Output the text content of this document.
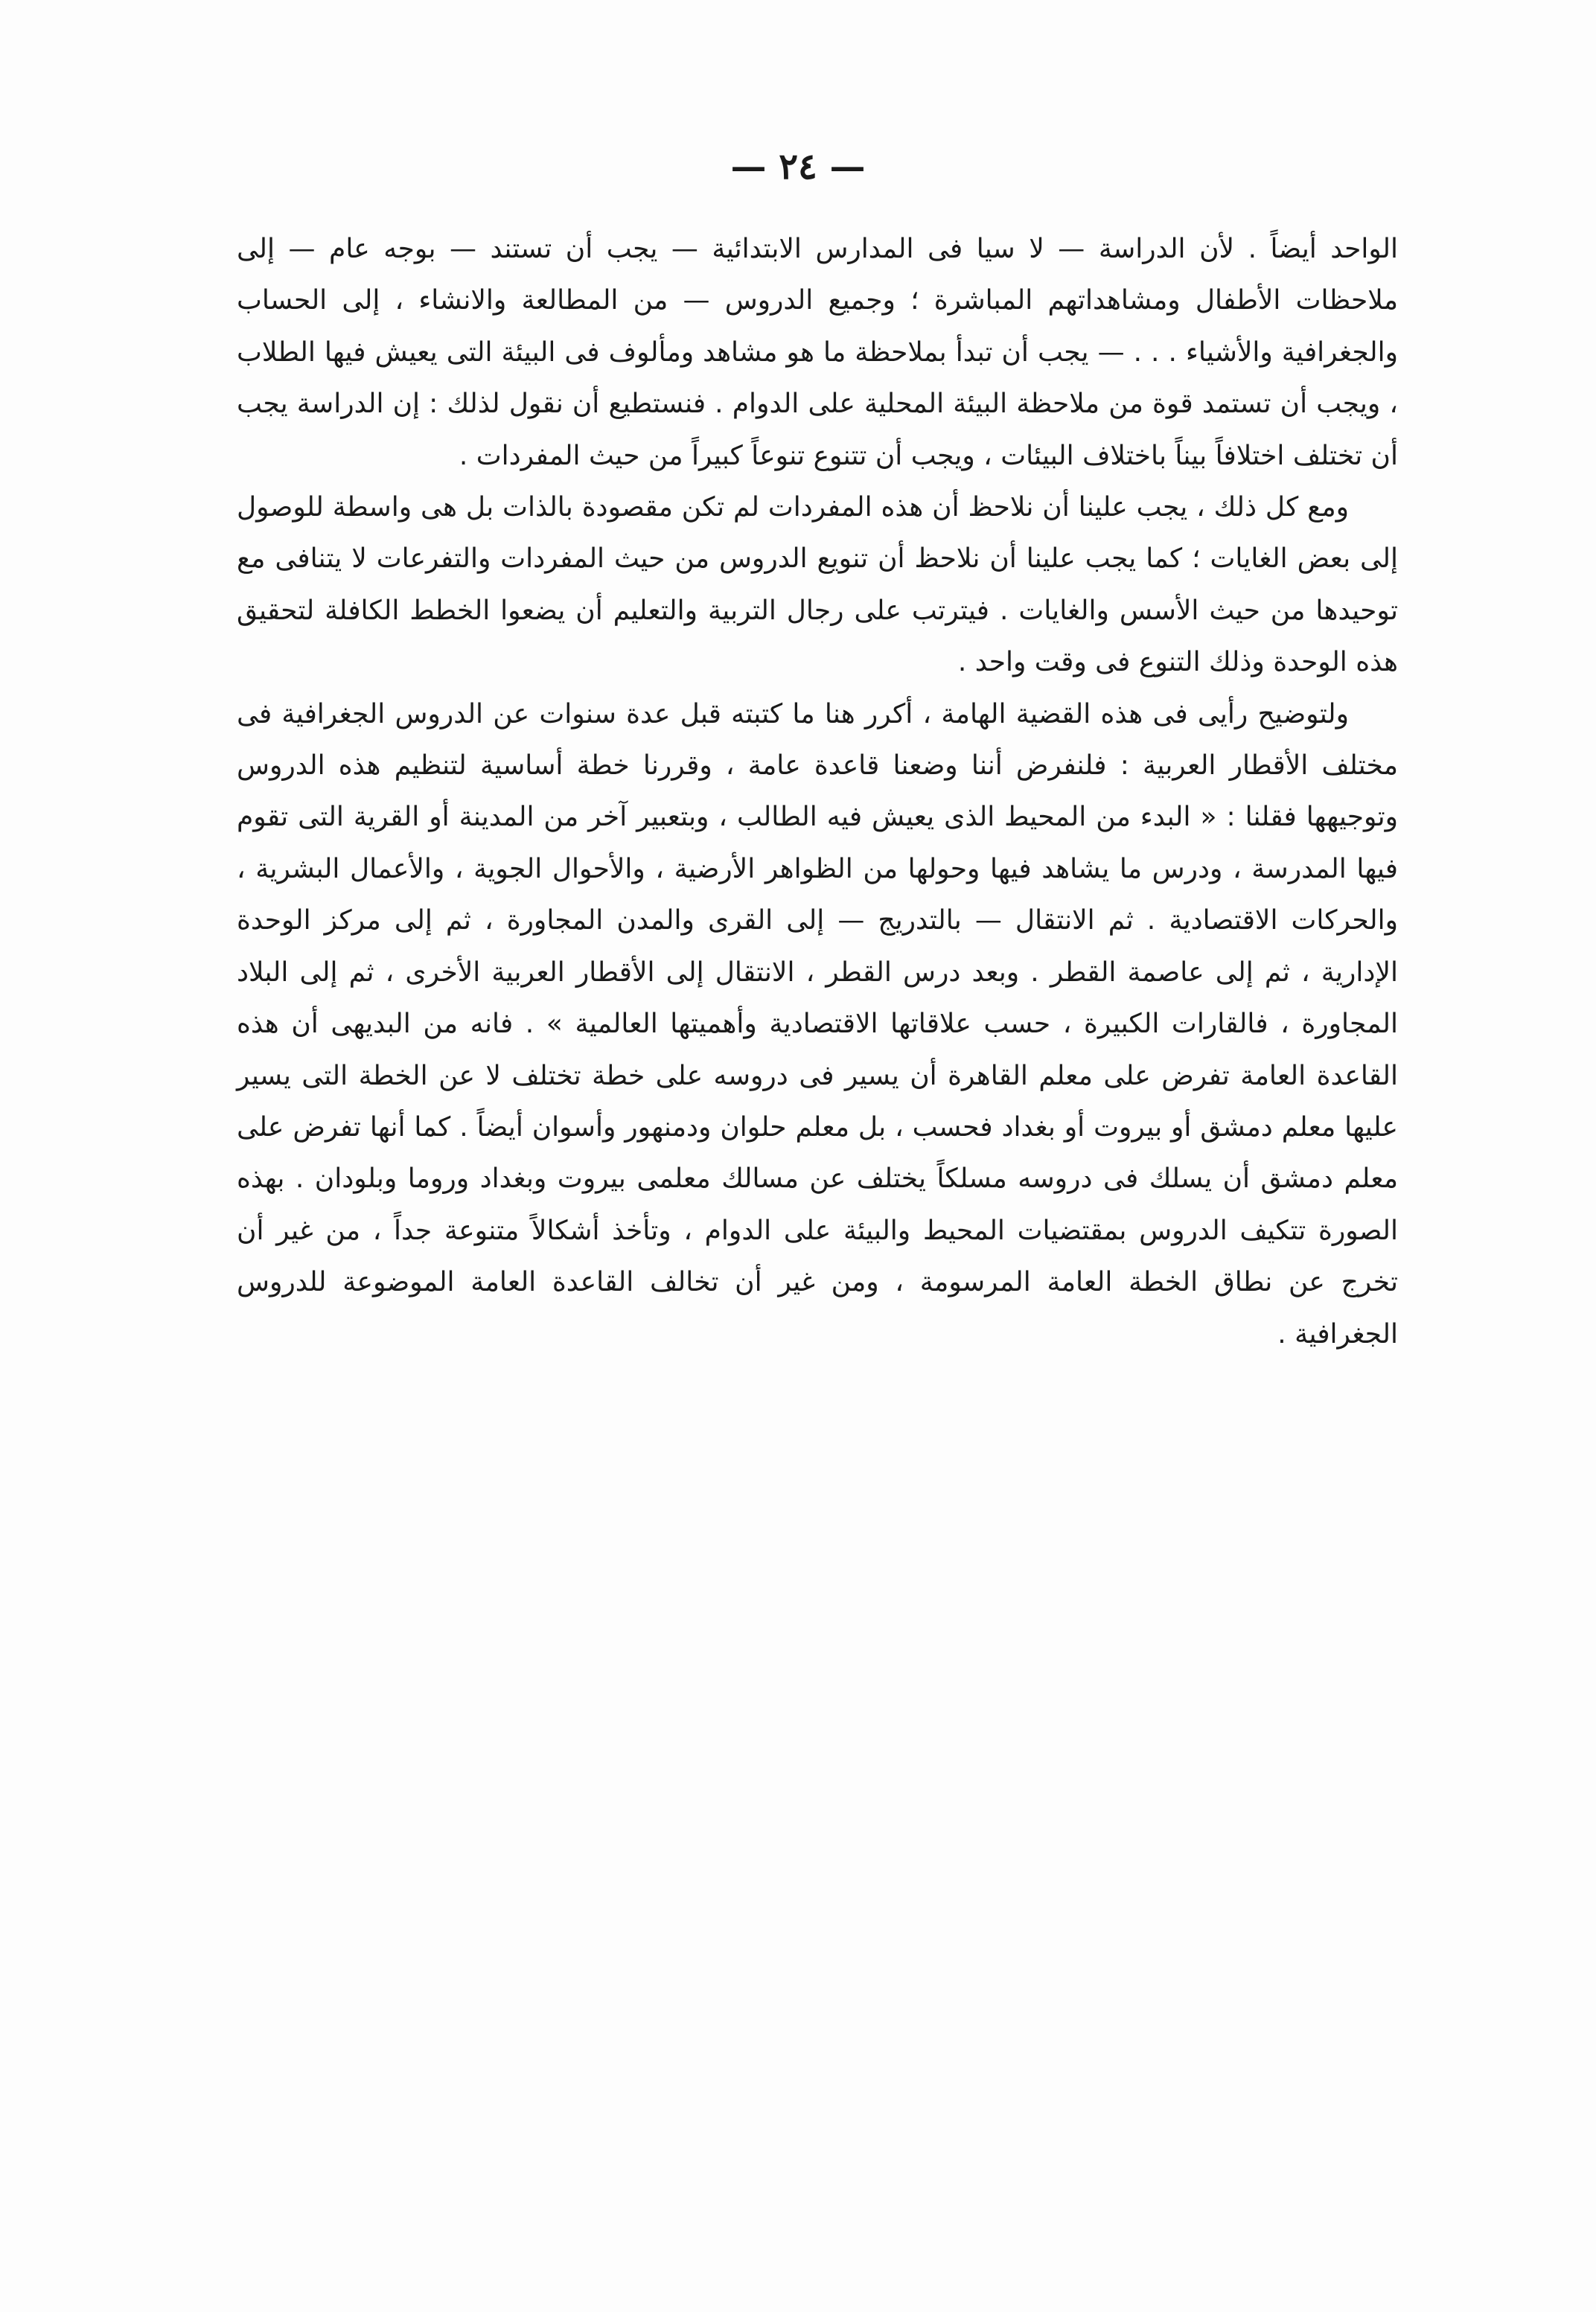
— ٢٤ —

الواحد أيضاً . لأن الدراسة — لا سيا فى المدارس الابتدائية — يجب أن تستند — بوجه عام — إلى ملاحظات الأطفال ومشاهداتهم المباشرة ؛ وجميع الدروس — من المطالعة والانشاء ، إلى الحساب والجغرافية والأشياء . . . — يجب أن تبدأ بملاحظة ما هو مشاهد ومألوف فى البيئة التى يعيش فيها الطلاب ، ويجب أن تستمد قوة من ملاحظة البيئة المحلية على الدوام . فنستطيع أن نقول لذلك : إن الدراسة يجب أن تختلف اختلافاً بيناً باختلاف البيئات ، ويجب أن تتنوع تنوعاً كبيراً من حيث المفردات .

ومع كل ذلك ، يجب علينا أن نلاحظ أن هذه المفردات لم تكن مقصودة بالذات بل هى واسطة للوصول إلى بعض الغايات ؛ كما يجب علينا أن نلاحظ أن تنويع الدروس من حيث المفردات والتفرعات لا يتنافى مع توحيدها من حيث الأسس والغايات . فيترتب على رجال التربية والتعليم أن يضعوا الخطط الكافلة لتحقيق هذه الوحدة وذلك التنوع فى وقت واحد .

ولتوضيح رأيى فى هذه القضية الهامة ، أكرر هنا ما كتبته قبل عدة سنوات عن الدروس الجغرافية فى مختلف الأقطار العربية : فلنفرض أننا وضعنا قاعدة عامة ، وقررنا خطة أساسية لتنظيم هذه الدروس وتوجيهها فقلنا : « البدء من المحيط الذى يعيش فيه الطالب ، وبتعبير آخر من المدينة أو القرية التى تقوم فيها المدرسة ، ودرس ما يشاهد فيها وحولها من الظواهر الأرضية ، والأحوال الجوية ، والأعمال البشرية ، والحركات الاقتصادية . ثم الانتقال — بالتدريج — إلى القرى والمدن المجاورة ، ثم إلى مركز الوحدة الإدارية ، ثم إلى عاصمة القطر . وبعد درس القطر ، الانتقال إلى الأقطار العربية الأخرى ، ثم إلى البلاد المجاورة ، فالقارات الكبيرة ، حسب علاقاتها الاقتصادية وأهميتها العالمية » . فانه من البديهى أن هذه القاعدة العامة تفرض على معلم القاهرة أن يسير فى دروسه على خطة تختلف لا عن الخطة التى يسير عليها معلم دمشق أو بيروت أو بغداد فحسب ، بل معلم حلوان ودمنهور وأسوان أيضاً . كما أنها تفرض على معلم دمشق أن يسلك فى دروسه مسلكاً يختلف عن مسالك معلمى بيروت وبغداد وروما وبلودان . بهذه الصورة تتكيف الدروس بمقتضيات المحيط والبيئة على الدوام ، وتأخذ أشكالاً متنوعة جداً ، من غير أن تخرج عن نطاق الخطة العامة المرسومة ، ومن غير أن تخالف القاعدة العامة الموضوعة للدروس الجغرافية .
